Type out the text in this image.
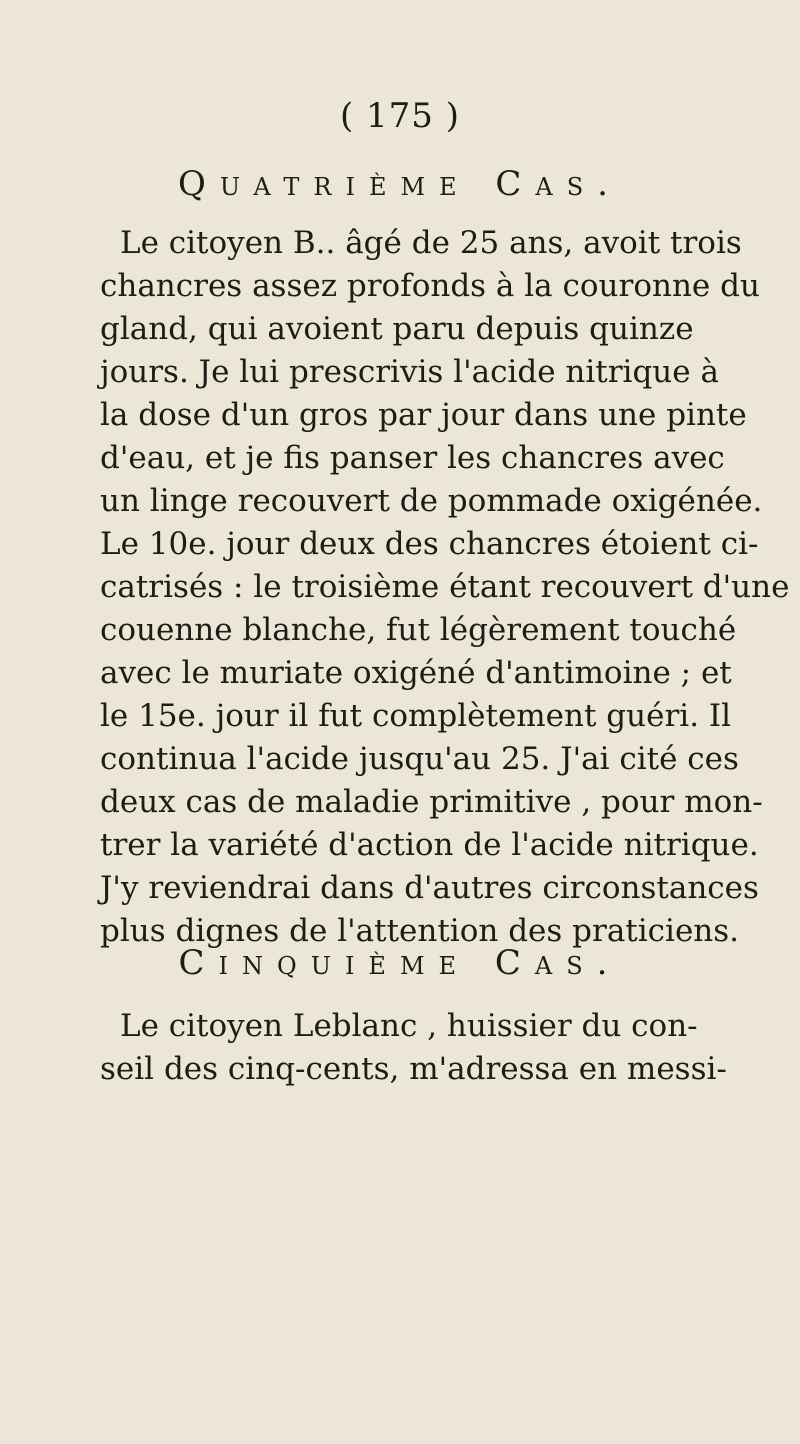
( 175 )
Quatrième Cas.
Le citoyen B.. âgé de 25 ans, avoit trois
chancres assez profonds à la couronne du
gland, qui avoient paru depuis quinze
jours. Je lui prescrivis l'acide nitrique à
la dose d'un gros par jour dans une pinte
d'eau, et je fis panser les chancres avec
un linge recouvert de pommade oxigénée.
Le 10e. jour deux des chancres étoient ci-
catrisés : le troisième étant recouvert d'une
couenne blanche, fut légèrement touché
avec le muriate oxigéné d'antimoine ; et
le 15e. jour il fut complètement guéri. Il
continua l'acide jusqu'au 25. J'ai cité ces
deux cas de maladie primitive , pour mon-
trer la variété d'action de l'acide nitrique.
J'y reviendrai dans d'autres circonstances
plus dignes de l'attention des praticiens.
Cinquième Cas.
Le citoyen Leblanc , huissier du con-
seil des cinq-cents, m'adressa en messi-
